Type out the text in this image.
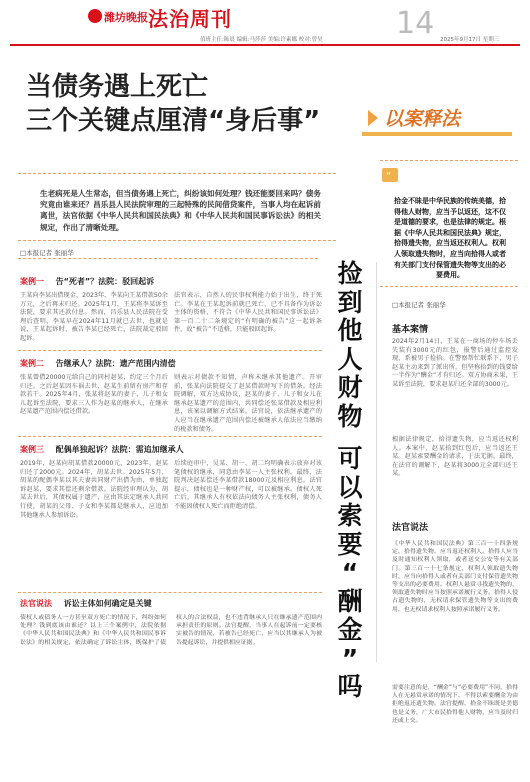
潍坊晚报 法治周刊	14
值班主任:陈晨 编辑:马莎莎 美编:许素娜 校对:曾昊	2025年9月17日 星期三
当债务遇上死亡
三个关键点厘清“身后事”	以案释法
生老病死是人生常态，但当债务遇上死亡，纠纷该如何处理？钱还能要回来吗？债务究竟由谁来还？昌乐县人民法院审理的三起特殊的民间借贷案件，当事人均在起诉前离世，法官依据《中华人民共和国民法典》和《中华人民共和国民事诉讼法》的相关规定，作出了清晰处理。
□本报记者 张丽华
“
拾金不昧是中华民族的传统美德，拾得他人财物，应当予以返还，这不仅是道德的要求，也是法律的规定。根据《中华人民共和国民法典》规定，拾得遗失物，应当返还权利人。权利人领取遗失物时，应当向拾得人或者有关部门支付保管遗失物等支出的必要费用。
捡
到
他
人
财
物

可
以
索
要
“
酬
金
”
吗
案例一 告“死者”？法院：驳回起诉
王某向李某出借现金，2023年，李某向王某借款50余万元，之后再未归还。2025年1月，王某将李某诉至法院，要求其还款付息。然而，昌乐县人民法院在受理后查明，李某早在2024年11月就已去世，也就是说，王某起诉时，被告李某已经死亡，法院裁定驳回起诉。
法官表示，自然人的民事权利能力始于出生，终于死亡。李某在王某起诉前就已死亡，已不具备作为诉讼主体的资格，不符合《中华人民共和国民事诉讼法》第一百二十二条规定的“有明确的被告”这一起诉条件，故“被告”不适格，只能驳回起诉。
案例二 告继承人？法院：遗产范围内清偿
张某曾借20000元给自己的同村赵某，约定三个月后归还。之后赵某因车祸去世，赵某生前留有房产和存款若干。2025年4月，张某将赵某的妻子、儿子和女儿起诉至法院，要求三人作为赵某的继承人，在继承赵某遗产范围内偿还借款。
则表示对债款不知情，声称未继承其他遗产。开审前，张某向法院提交了赵某借款时写下的借条。经法院调解，双方达成协议，赵某的妻子、儿子和女儿在继承赵某遗产的范围内，共同偿还张某借款及相应利息，该案以调解方式结案。法官说，依法继承遗产的人应当在继承遗产范围内偿还被继承人依法应当缴纳的税款和债务。
案例三 配偶单独起诉？法院：需追加继承人
2019年，赵某向胡某借款20000元，2023年，赵某归还了2000元。2024年，胡某去世。2025年5月，胡某的配偶李某以其夫妻共同财产出借为由，单独起诉赵某，要求其偿还剩余借款。法院经审理认为，胡某去世后，其债权属于遗产，应由其法定继承人共同行使，胡某的父母、子女和李某都是继承人，应追加其他继承人参加诉讼。
后续庭审中，吴某、胡一、胡二均明确表示放弃对该笔债权的继承，同意由李某一人主张权利。最终，法院判决赵某偿还李某借款18000元及相应利息。法官提示，债权也是一种财产权，可以被继承。债权人死亡后，其继承人有权依法向债务人主张权利，债务人不能因债权人死亡而拒绝清偿。
法官说法 诉讼主体如何确定是关键
债权人或债务人一方甚至双方死亡的情况下，纠纷如何处理？钱到底该由谁还？以上三个案例中，法院依据《中华人民共和国民法典》和《中华人民共和国民事诉讼法》的相关规定，依法确定了诉讼主体，既保护了债权人的合法权益，也不违背继承人只在继承遗产范围内承担责任的原则。法官提醒，当事人在起诉前一定要核实被告的情况，若被告已经死亡，应当以其继承人为被告提起诉讼，并提供相应证据。
□本报记者 张丽华
基本案情
2024年2月14日，王某在一商场的停车场丢失装有3000元的红包，报警后通过监控发现，系被男子捡拾。在警察帮忙联系下，男子赵某主动来到了派出所，但坚称拾到的钱要给一半作为“酬金”才肯归还。双方协商未果，王某诉至法院，要求赵某归还全部的3000元。
根据法律规定，拾得遗失物，应当返还权利人。本案中，赵某拾到红包后，应当返还王某。赵某索要酬金的请求，于法无据。最终，在法官的调解下，赵某将3000元全部归还王某。
法官说法
《中华人民共和国民法典》第三百一十四条规定，拾得遗失物，应当返还权利人。拾得人应当及时通知权利人领取，或者送交公安等有关部门。第三百一十七条规定，权利人领取遗失物时，应当向拾得人或者有关部门支付保管遗失物等支出的必要费用。权利人悬赏寻找遗失物的，领取遗失物时应当按照承诺履行义务。拾得人侵占遗失物的，无权请求保管遗失物等支出的费用，也无权请求权利人按照承诺履行义务。
需要注意的是，“酬金”与“必要费用”不同，拾得人在无悬赏承诺的情况下，不得以索要酬金为由拒绝返还遗失物。法官提醒，拾金不昧既是美德也是义务，广大市民拾得他人财物，应当及时归还或上交。
